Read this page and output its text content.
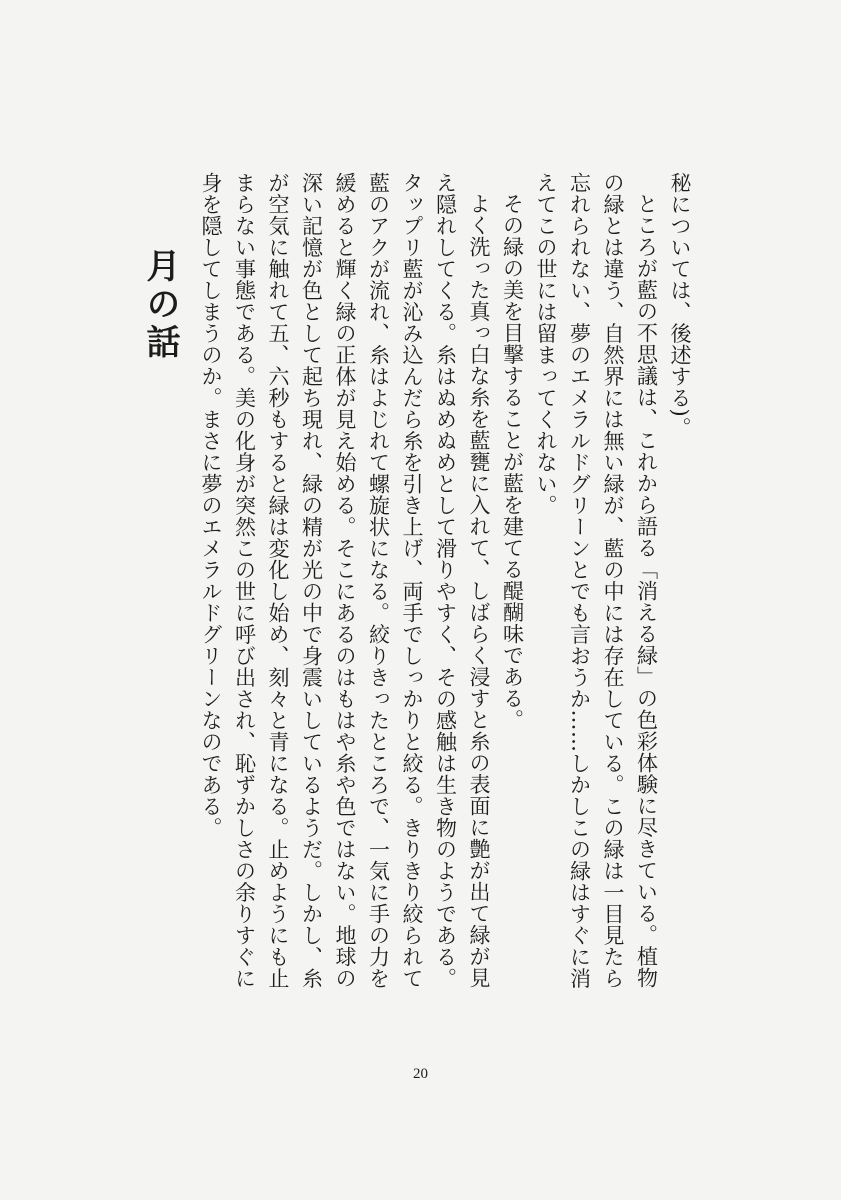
秘については、後述する)。

ところが藍の不思議は、これから語る「消える緑」の色彩体験に尽きている。植物の緑とは違う、自然界には無い緑が、藍の中には存在している。この緑は一目見たら忘れられない、夢のエメラルドグリーンとでも言おうか……しかしこの緑はすぐに消えてこの世には留まってくれない。

その緑の美を目撃することが藍を建てる醍醐味である。

よく洗った真っ白な糸を藍甕に入れて、しばらく浸すと糸の表面に艶が出て緑が見え隠れしてくる。糸はぬめぬめとして滑りやすく、その感触は生き物のようである。タップリ藍が沁み込んだら糸を引き上げ、両手でしっかりと絞る。きりきり絞られて藍のアクが流れ、糸はよじれて螺旋状になる。絞りきったところで、一気に手の力を緩めると輝く緑の正体が見え始める。そこにあるのはもはや糸や色ではない。地球の深い記憶が色として起ち現れ、緑の精が光の中で身震いしているようだ。しかし、糸が空気に触れて五、六秒もすると緑は変化し始め、刻々と青になる。止めようにも止まらない事態である。美の化身が突然この世に呼び出され、恥ずかしさの余りすぐに身を隠してしまうのか。まさに夢のエメラルドグリーンなのである。

月の話
20
